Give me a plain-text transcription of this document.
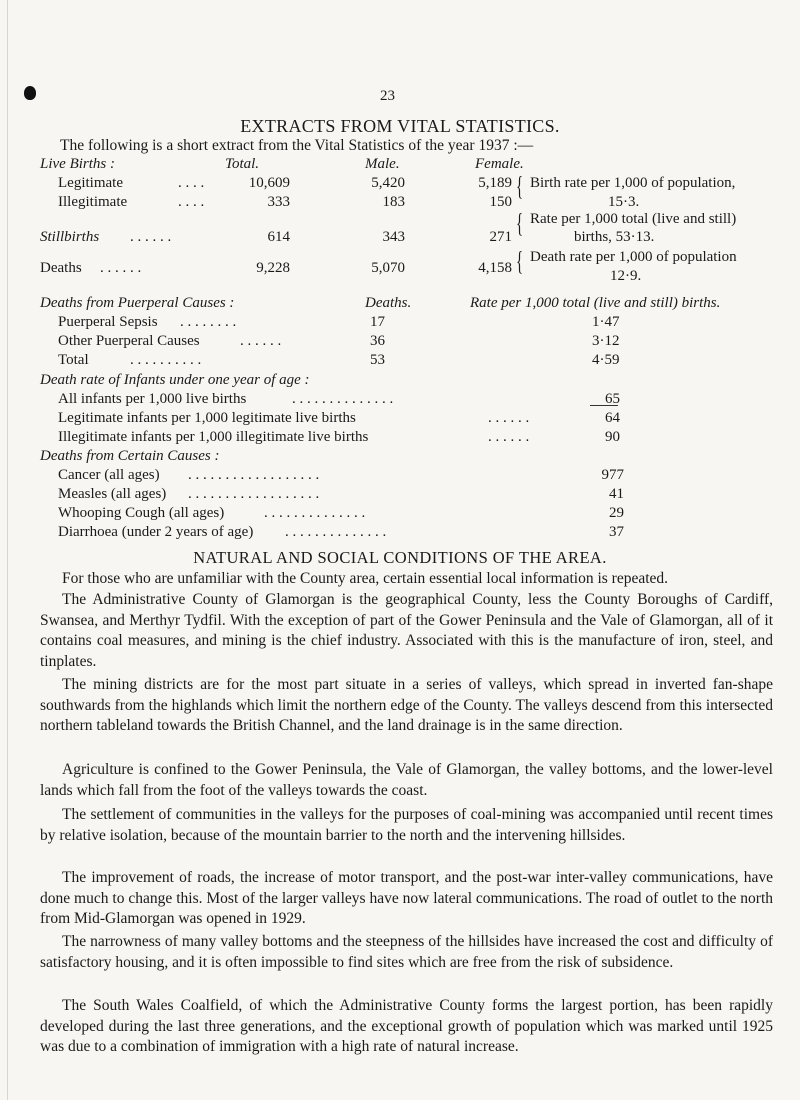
23
EXTRACTS FROM VITAL STATISTICS.
The following is a short extract from the Vital Statistics of the year 1937 :—
Live Births :	Total.	Male.	Female.
Legitimate	. . . .	10,609	5,420	5,189
Illegitimate	. . . .	333	183	150
{ Birth rate per 1,000 of population,
15·3.
Stillbirths . . . . . .	614	343	271 { Rate per 1,000 total (live and still)
births, 53·13.
Deaths . . . . . .	9,228	5,070	4,158 { Death rate per 1,000 of population
12·9.
Deaths from Puerperal Causes :	Deaths.	Rate per 1,000 total (live and still) births.
Puerperal Sepsis . . . . . . . .	17	1·47
Other Puerperal Causes	. . . . . .	36	3·12
Total	. . . . . . . . . .	53	4·59
Death rate of Infants under one year of age :
All infants per 1,000 live births	. . . . . . . . . . . . . .	65
Legitimate infants per 1,000 legitimate live births	. . . . . .	64
Illegitimate infants per 1,000 illegitimate live births	. . . . . .	90
Deaths from Certain Causes :
Cancer (all ages) . . . . . . . . . . . . . . . . . .	977
Measles (all ages) . . . . . . . . . . . . . . . . . .	41
Whooping Cough (all ages)	. . . . . . . . . . . . . .	29
Diarrhoea (under 2 years of age) . . . . . . . . . . . . . .	37
NATURAL AND SOCIAL CONDITIONS OF THE AREA.

For those who are unfamiliar with the County area, certain essential local information is repeated.

The Administrative County of Glamorgan is the geographical County, less the County Boroughs of Cardiff, Swansea, and Merthyr Tydfil. With the exception of part of the Gower Peninsula and the Vale of Glamorgan, all of it contains coal measures, and mining is the chief industry. Associated with this is the manufacture of iron, steel, and tinplates.

The mining districts are for the most part situate in a series of valleys, which spread in inverted fan-shape southwards from the highlands which limit the northern edge of the County. The valleys descend from this intersected northern tableland towards the British Channel, and the land drainage is in the same direction.

Agriculture is confined to the Gower Peninsula, the Vale of Glamorgan, the valley bottoms, and the lower-level lands which fall from the foot of the valleys towards the coast.

The settlement of communities in the valleys for the purposes of coal-mining was accompanied until recent times by relative isolation, because of the mountain barrier to the north and the intervening hillsides.

The improvement of roads, the increase of motor transport, and the post-war inter-valley communications, have done much to change this. Most of the larger valleys have now lateral communications. The road of outlet to the north from Mid-Glamorgan was opened in 1929.

The narrowness of many valley bottoms and the steepness of the hillsides have increased the cost and difficulty of satisfactory housing, and it is often impossible to find sites which are free from the risk of subsidence.

The South Wales Coalfield, of which the Administrative County forms the largest portion, has been rapidly developed during the last three generations, and the exceptional growth of population which was marked until 1925 was due to a combination of immigration with a high rate of natural increase.
